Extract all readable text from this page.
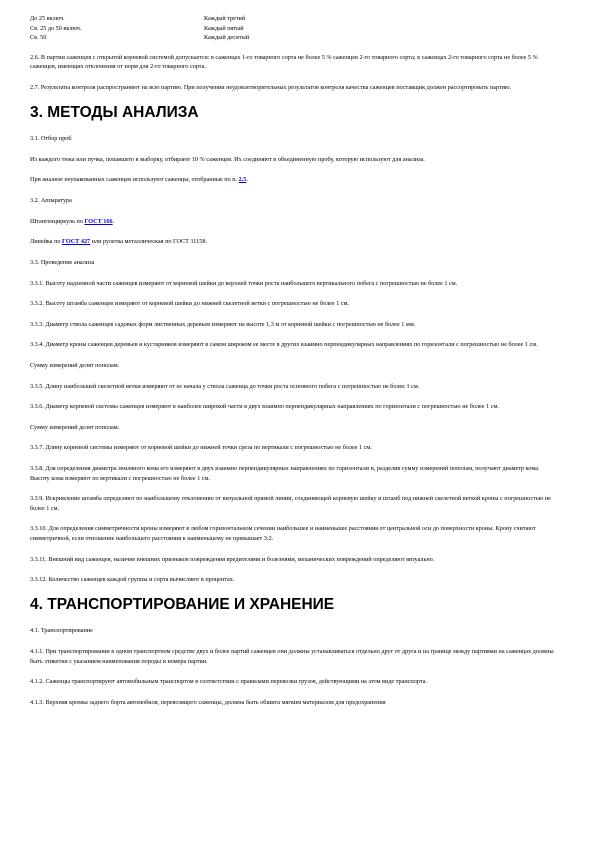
До 25 включ.	Каждый третий
Св. 25 до 50 включ.	Каждый пятый
Св. 50	Каждый десятый

2.6. В партии саженцев с открытой корневой системой допускается: в саженцах 1-го товарного сорта не более 5 % саженцев 2-го товарного сорта; в саженцах 2-го товарного сорта не более 5 % саженцев, имеющих отклонения от норм для 2-го товарного сорта.

2.7. Результаты контроля распространяют на всю партию. При получении неудовлетворительных результатов контроля качества саженцев поставщик должен рассортировать партию.

3. МЕТОДЫ АНАЛИЗА

3.1. Отбор проб

Из каждого тюка или пучка, попавшего в выборку, отбирают 10 % саженцев. Их соединяют в объединенную пробу, которую используют для анализа.

При анализе неупакованных саженцев используют саженцы, отобранные по п. 2.5.

3.2. Аппаратура

Штангенциркуль по ГОСТ 166.

Линейка по ГОСТ 427 или рулетка металлическая по ГОСТ 11158.

3.3. Проведение анализа

3.3.1. Высоту надземной части саженцев измеряют от корневой шейки до верхней точки роста наибольшего вертикального побега с погрешностью не более 1 см.

3.3.2. Высоту штамба саженцев измеряют от корневой шейки до нижней скелетной ветки с погрешностью не более 1 см.

3.3.3. Диаметр ствола саженцев садовых форм лиственных деревьев измеряют на высоте 1,3 м от корневой шейки с погрешностью не более 1 мм.

3.3.4. Диаметр кроны саженцев деревьев и кустарников измеряют в самом широком ее месте в других взаимно перпендикулярных направлениях по горизонтали с погрешностью не более 1 см.

Сумму измерений делят пополам.

3.3.5. Длину наибольшей скелетной ветки измеряют от ее начала у ствола саженца до точки роста основного побега с погрешностью не более 1 см.

3.3.6. Диаметр корневой системы саженцев измеряют в наиболее широкой части в двух взаимно перпендикулярных направлениях по горизонтали с погрешностью не более 1 см.

Сумму измерений делят пополам.

3.3.7. Длину корневой системы измеряют от корневой шейки до нижней точки среза по вертикали с погрешностью не более 1 см.

3.3.8. Для определения диаметра земляного кома его измеряют в двух взаимно перпендикулярных направлениях по горизонтали и, разделив сумму измерений пополам, получают диаметр кома. Высоту кома измеряют по вертикали с погрешностью не более 1 см.

3.3.9. Искривление штамба определяют по наибольшему отклонению от визуальной прямой линии, соединяющей корневую шейку и штамб под нижней скелетной веткой кроны с погрешностью не более 1 см.

3.3.10. Для определения симметричности кроны измеряют в любом горизонтальном сечении наибольшее и наименьшее расстояния от центральной оси до поверхности кроны. Крону считают симметричной, если отношение наибольшего расстояния к наименьшему не превышает 3:2.

3.3.11. Внешний вид саженцев, наличие внешних признаков повреждения вредителями и болезнями, механических повреждений определяют визуально.

3.3.12. Количество саженцев каждой группы и сорта вычисляют в процентах.

4. ТРАНСПОРТИРОВАНИЕ И ХРАНЕНИЕ

4.1. Транспортирование

4.1.1. При транспортировании в одном транспортном средстве двух и более партий саженцев они должны устанавливаться отдельно друг от друга и на границе между партиями на саженцах должны быть этикетки с указанием наименования породы и номера партии.

4.1.2. Саженцы транспортируют автомобильным транспортом в соответствии с правилами перевозки грузов, действующими на этом виде транспорта.

4.1.3. Верхняя кромка заднего борта автомобиля, перевозящего саженцы, должна быть обшита мягким материалом для предохранения
